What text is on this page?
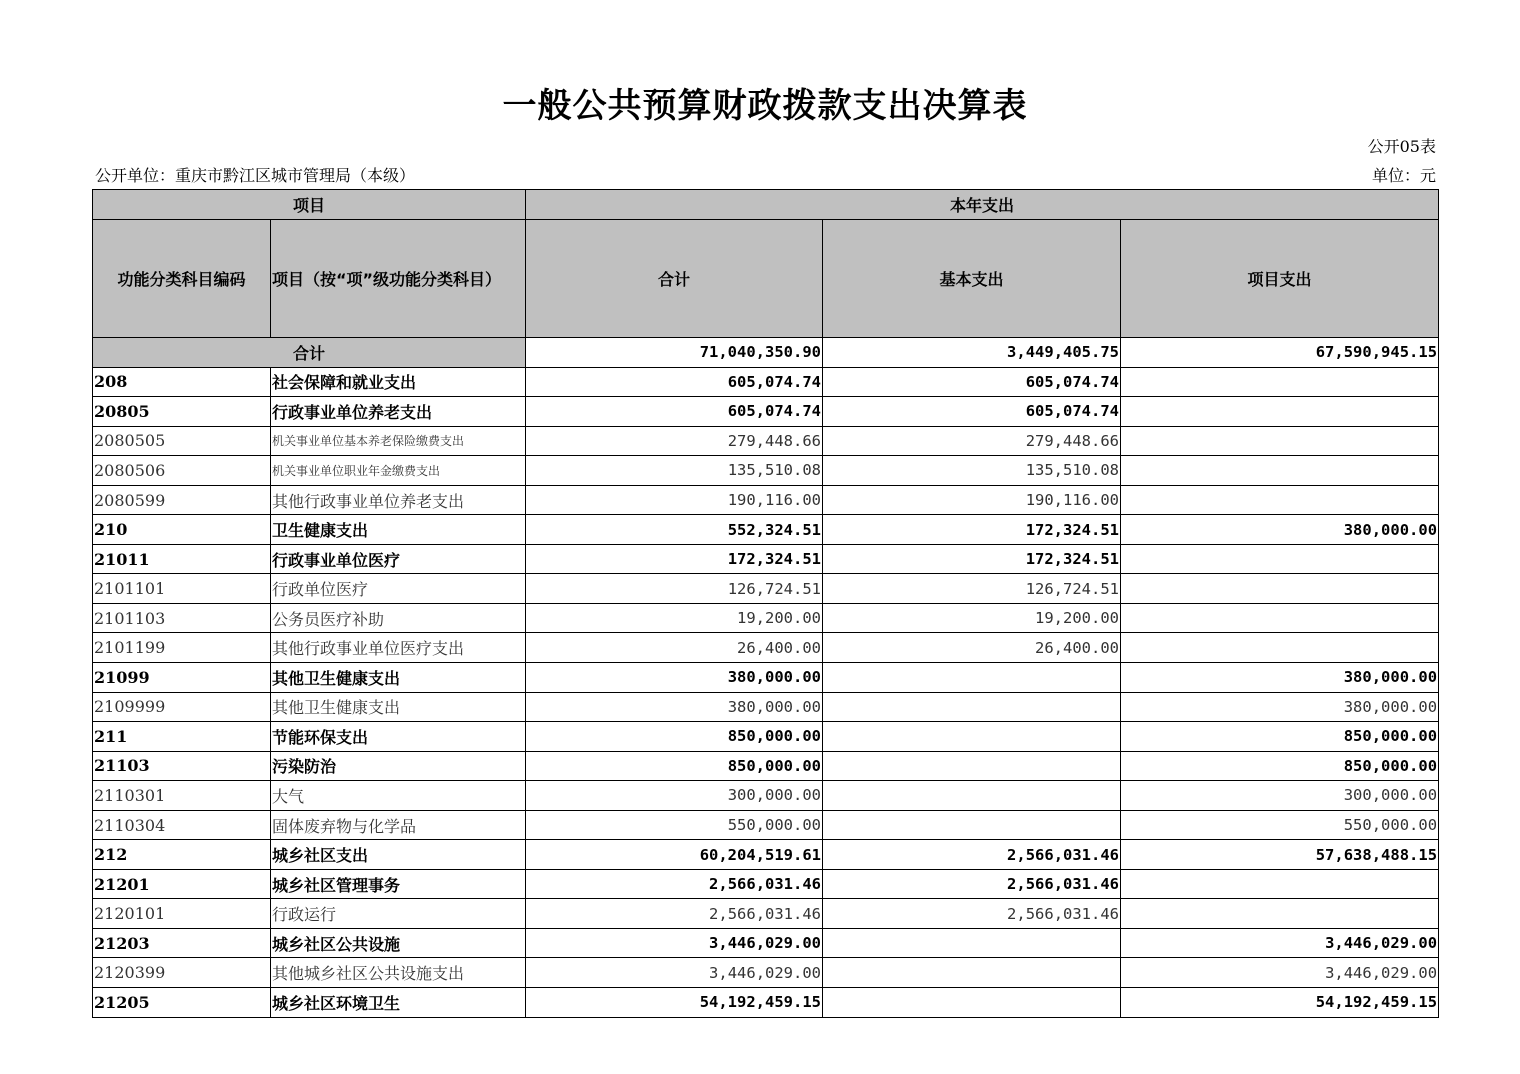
一般公共预算财政拨款支出决算表
公开05表
公开单位：重庆市黔江区城市管理局（本级）	单位：元
项目		本年支出		
功能分类科目编码	项目（按“项”级功能分类科目）	合计	基本支出	项目支出
合计		71,040,350.90	3,449,405.75	67,590,945.15
208	社会保障和就业支出	605,074.74	605,074.74	
20805	行政事业单位养老支出	605,074.74	605,074.74	
2080505	机关事业单位基本养老保险缴费支出	279,448.66	279,448.66	
2080506	机关事业单位职业年金缴费支出	135,510.08	135,510.08	
2080599	其他行政事业单位养老支出	190,116.00	190,116.00	
210	卫生健康支出	552,324.51	172,324.51	380,000.00
21011	行政事业单位医疗	172,324.51	172,324.51	
2101101	行政单位医疗	126,724.51	126,724.51	
2101103	公务员医疗补助	19,200.00	19,200.00	
2101199	其他行政事业单位医疗支出	26,400.00	26,400.00	
21099	其他卫生健康支出	380,000.00		380,000.00
2109999	其他卫生健康支出	380,000.00		380,000.00
211	节能环保支出	850,000.00		850,000.00
21103	污染防治	850,000.00		850,000.00
2110301	大气	300,000.00		300,000.00
2110304	固体废弃物与化学品	550,000.00		550,000.00
212	城乡社区支出	60,204,519.61	2,566,031.46	57,638,488.15
21201	城乡社区管理事务	2,566,031.46	2,566,031.46	
2120101	行政运行	2,566,031.46	2,566,031.46	
21203	城乡社区公共设施	3,446,029.00		3,446,029.00
2120399	其他城乡社区公共设施支出	3,446,029.00		3,446,029.00
21205	城乡社区环境卫生	54,192,459.15		54,192,459.15
